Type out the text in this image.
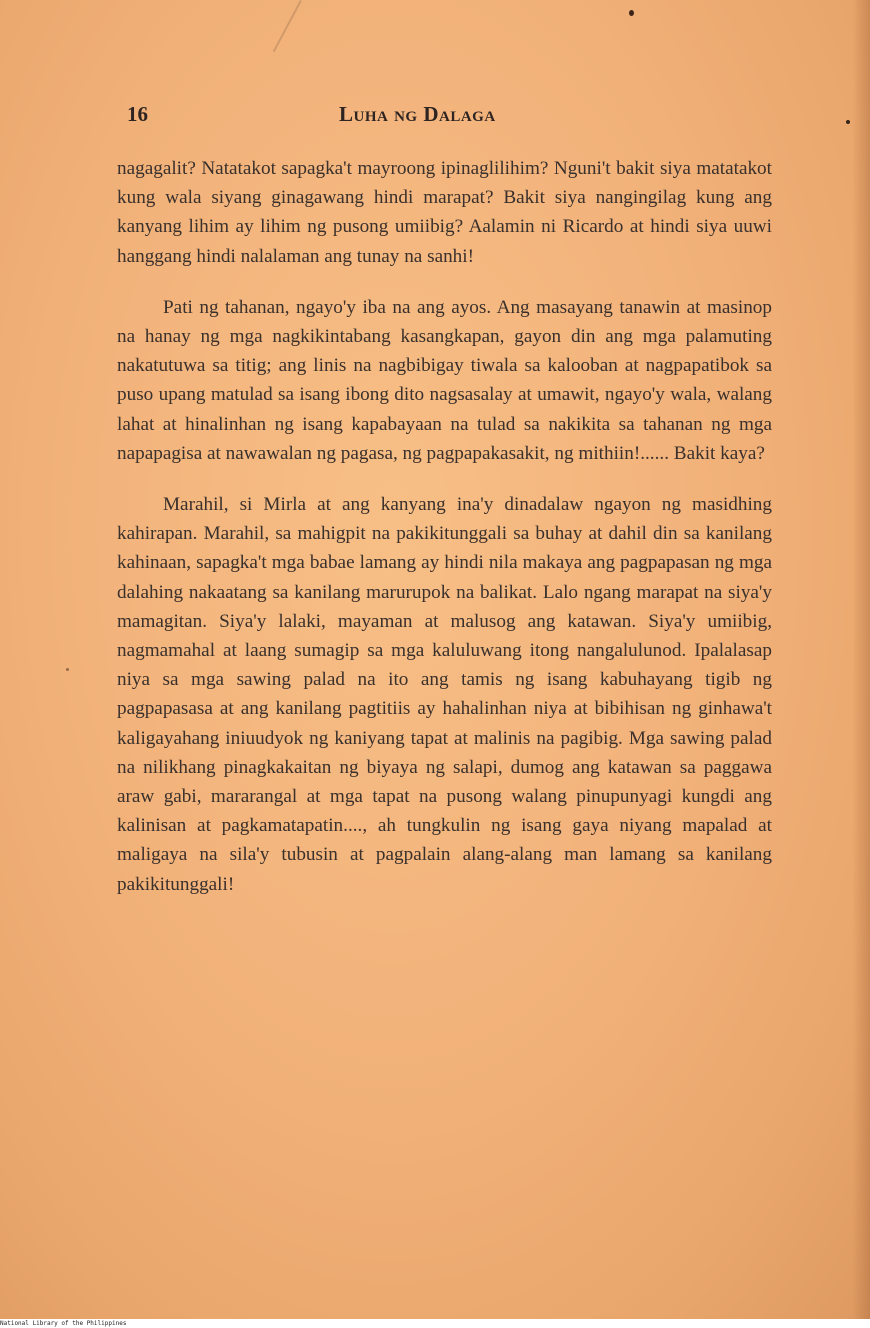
16	Luha ng Dalaga

nagagalit? Natatakot sapagka't mayroong ipinaglilihim? Nguni't bakit siya matatakot kung wala siyang ginagawang hindi marapat? Bakit siya nangingilag kung ang kanyang lihim ay lihim ng pusong umiibig? Aalamin ni Ricardo at hindi siya uuwi hanggang hindi nalalaman ang tunay na sanhi!

Pati ng tahanan, ngayo'y iba na ang ayos. Ang masayang tanawin at masinop na hanay ng mga nagkikintabang kasangkapan, gayon din ang mga palamuting nakatutuwa sa titig; ang linis na nagbibigay tiwala sa kalooban at nagpapatibok sa puso upang matulad sa isang ibong dito nagsasalay at umawit, ngayo'y wala, walang lahat at hinalinhan ng isang kapabayaan na tulad sa nakikita sa tahanan ng mga napapagisa at nawawalan ng pagasa, ng pagpapakasakit, ng mithiin!...... Bakit kaya?

Marahil, si Mirla at ang kanyang ina'y dinadalaw ngayon ng masidhing kahirapan. Marahil, sa mahigpit na pakikitunggali sa buhay at dahil din sa kanilang kahinaan, sapagka't mga babae lamang ay hindi nila makaya ang pagpapasan ng mga dalahing nakaatang sa kanilang marurupok na balikat. Lalo ngang marapat na siya'y mamagitan. Siya'y lalaki, mayaman at malusog ang katawan. Siya'y umiibig, nagmamahal at laang sumagip sa mga kaluluwang itong nangalulunod. Ipalalasap niya sa mga sawing palad na ito ang tamis ng isang kabuhayang tigib ng pagpapasasa at ang kanilang pagtitiis ay hahalinhan niya at bibihisan ng ginhawa't kaligayahang iniuudyok ng kaniyang tapat at malinis na pagibig. Mga sawing palad na nilikhang pinagkakaitan ng biyaya ng salapi, dumog ang katawan sa paggawa araw gabi, mararangal at mga tapat na pusong walang pinupunyagi kungdi ang kalinisan at pagkamatapatin...., ah tungkulin ng isang gaya niyang mapalad at maligaya na sila'y tubusin at pagpalain alang-alang man lamang sa kanilang pakikitunggali!

National Library of the Philippines
